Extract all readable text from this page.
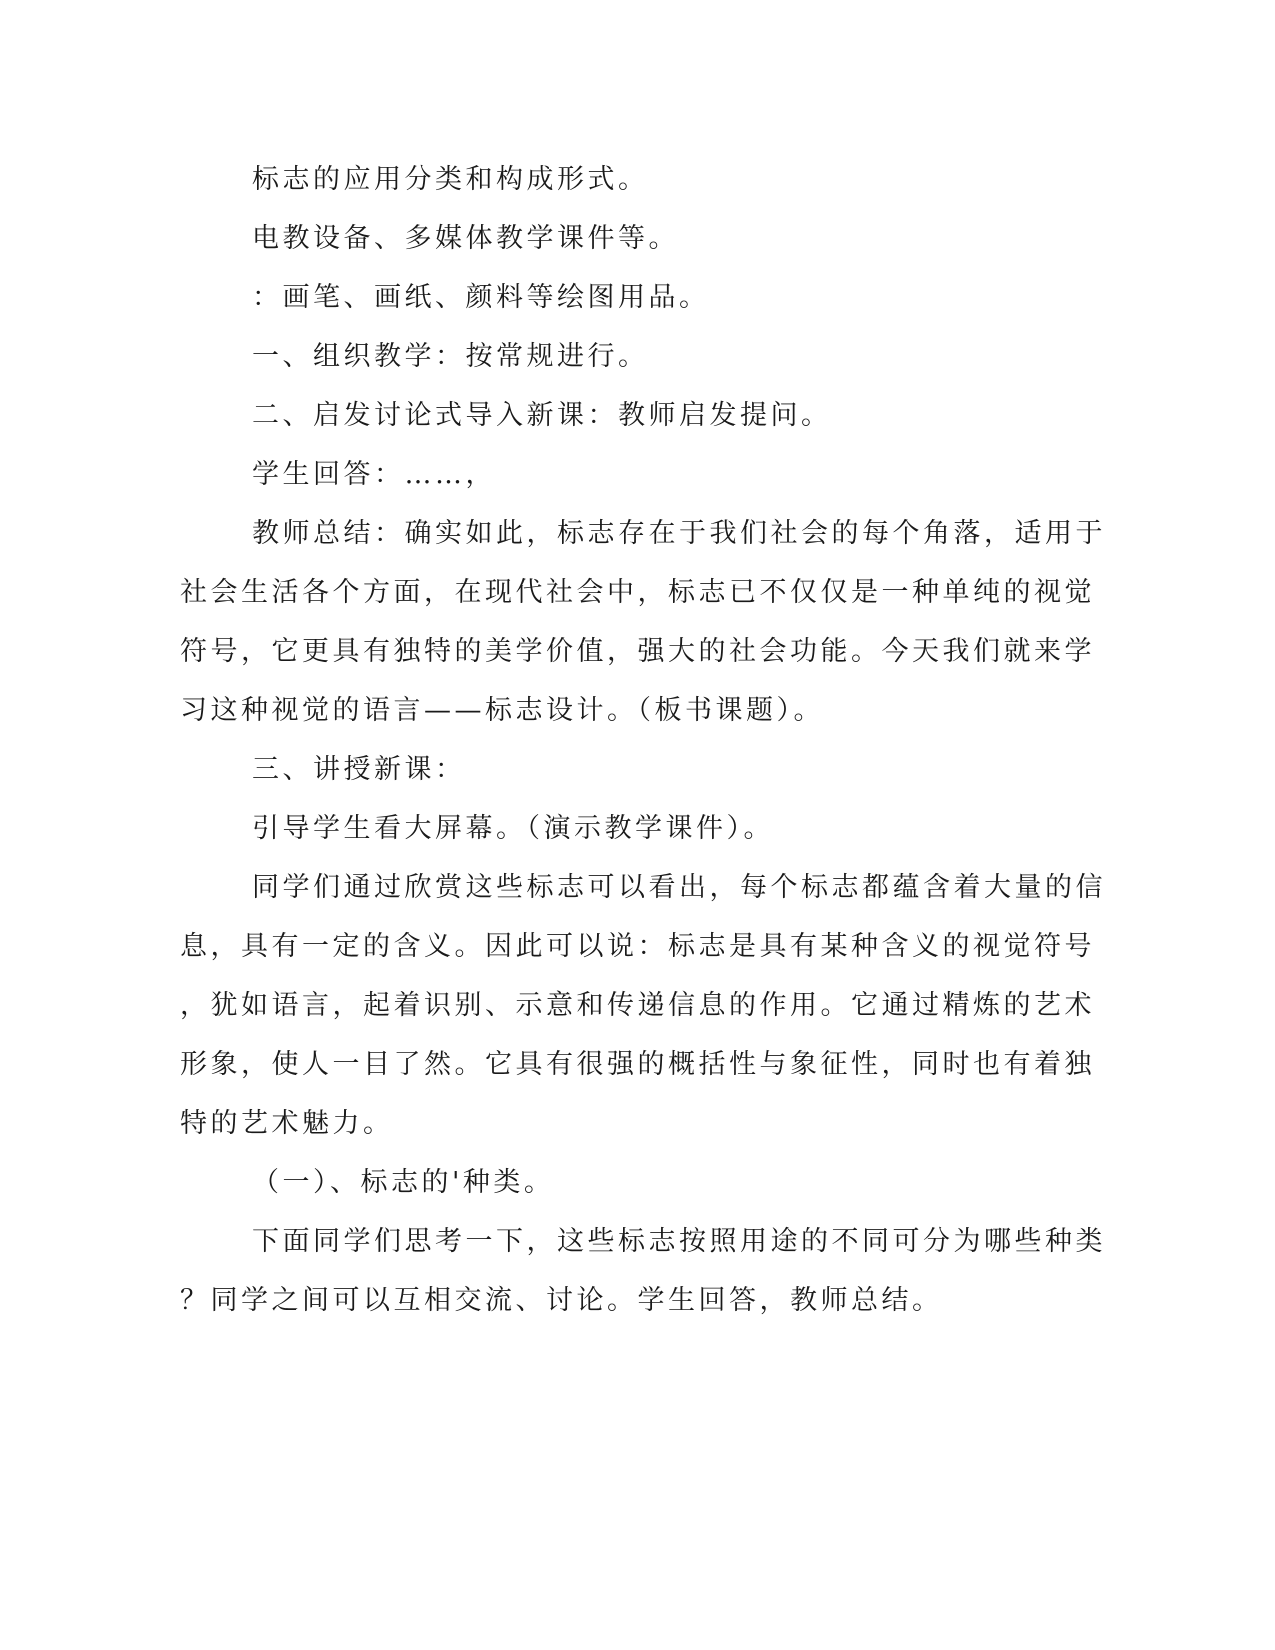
标志的应用分类和构成形式。

电教设备、多媒体教学课件等。

：画笔、画纸、颜料等绘图用品。

一、组织教学：按常规进行。

二、启发讨论式导入新课：教师启发提问。

学生回答：……，

教师总结：确实如此，标志存在于我们社会的每个角落，适用于

社会生活各个方面，在现代社会中，标志已不仅仅是一种单纯的视觉

符号，它更具有独特的美学价值，强大的社会功能。今天我们就来学

习这种视觉的语言——标志设计。（板书课题）。

三、讲授新课：

引导学生看大屏幕。（演示教学课件）。

同学们通过欣赏这些标志可以看出，每个标志都蕴含着大量的信

息，具有一定的含义。因此可以说：标志是具有某种含义的视觉符号

，犹如语言，起着识别、示意和传递信息的作用。它通过精炼的艺术

形象，使人一目了然。它具有很强的概括性与象征性，同时也有着独

特的艺术魅力。

（一）、标志的'种类。

下面同学们思考一下，这些标志按照用途的不同可分为哪些种类

？同学之间可以互相交流、讨论。学生回答，教师总结。
